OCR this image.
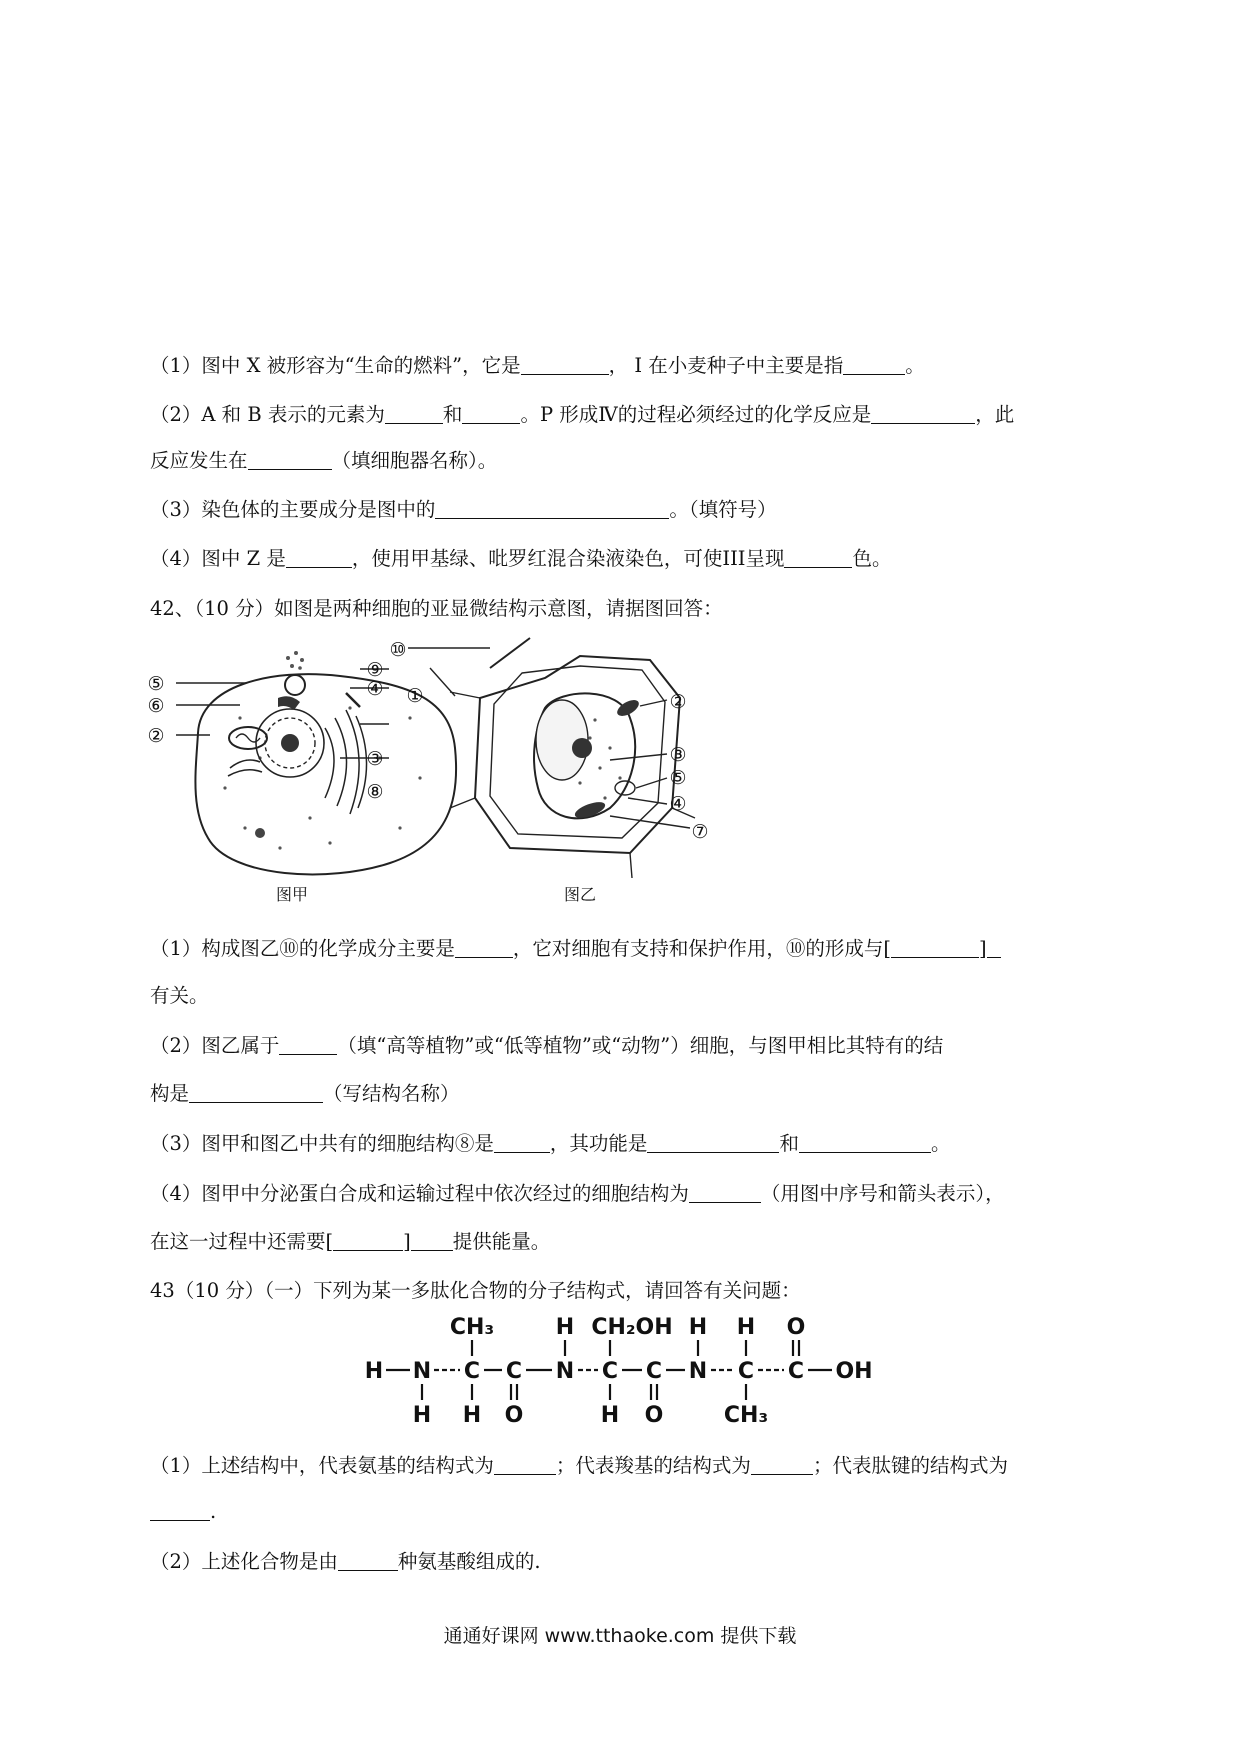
（1）图中 X 被形容为“生命的燃料”，它是	， Ⅰ 在小麦种子中主要是指	。
（2）A 和 B 表示的元素为	和	。P 形成Ⅳ的过程必须经过的化学反应是	，此
反应发生在	（填细胞器名称）。
（3）染色体的主要成分是图中的	。（填符号）
（4）图中 Z 是	，使用甲基绿、吡罗红混合染液染色，可使III呈现	色。
42、（10 分）如图是两种细胞的亚显微结构示意图，请据图回答：
⑤
⑥
②
⑨
④
③
⑧
图甲
⑩
①	②
③
⑤
④
⑦
图乙
（1）构成图乙⑩的化学成分主要是	，它对细胞有支持和保护作用，⑩的形成与[	]
有关。
（2）图乙属于	（填“高等植物”或“低等植物”或“动物”）细胞，与图甲相比其特有的结
构是	（写结构名称）
（3）图甲和图乙中共有的细胞结构⑧是	，其功能是	和	。
（4）图甲中分泌蛋白合成和运输过程中依次经过的细胞结构为	（用图中序号和箭头表示），
在这一过程中还需要[	] 提供能量。
43（10 分）（一）下列为某一多肽化合物的分子结构式，请回答有关问题：
CH₃	H CH₂OH H H O
H N C C N C C N C C OH
H H O	H O	CH₃
（1）上述结构中，代表氨基的结构式为	；代表羧基的结构式为	；代表肽键的结构式为
.
（2）上述化合物是由	种氨基酸组成的.
通通好课网 www.tthaoke.com 提供下载
